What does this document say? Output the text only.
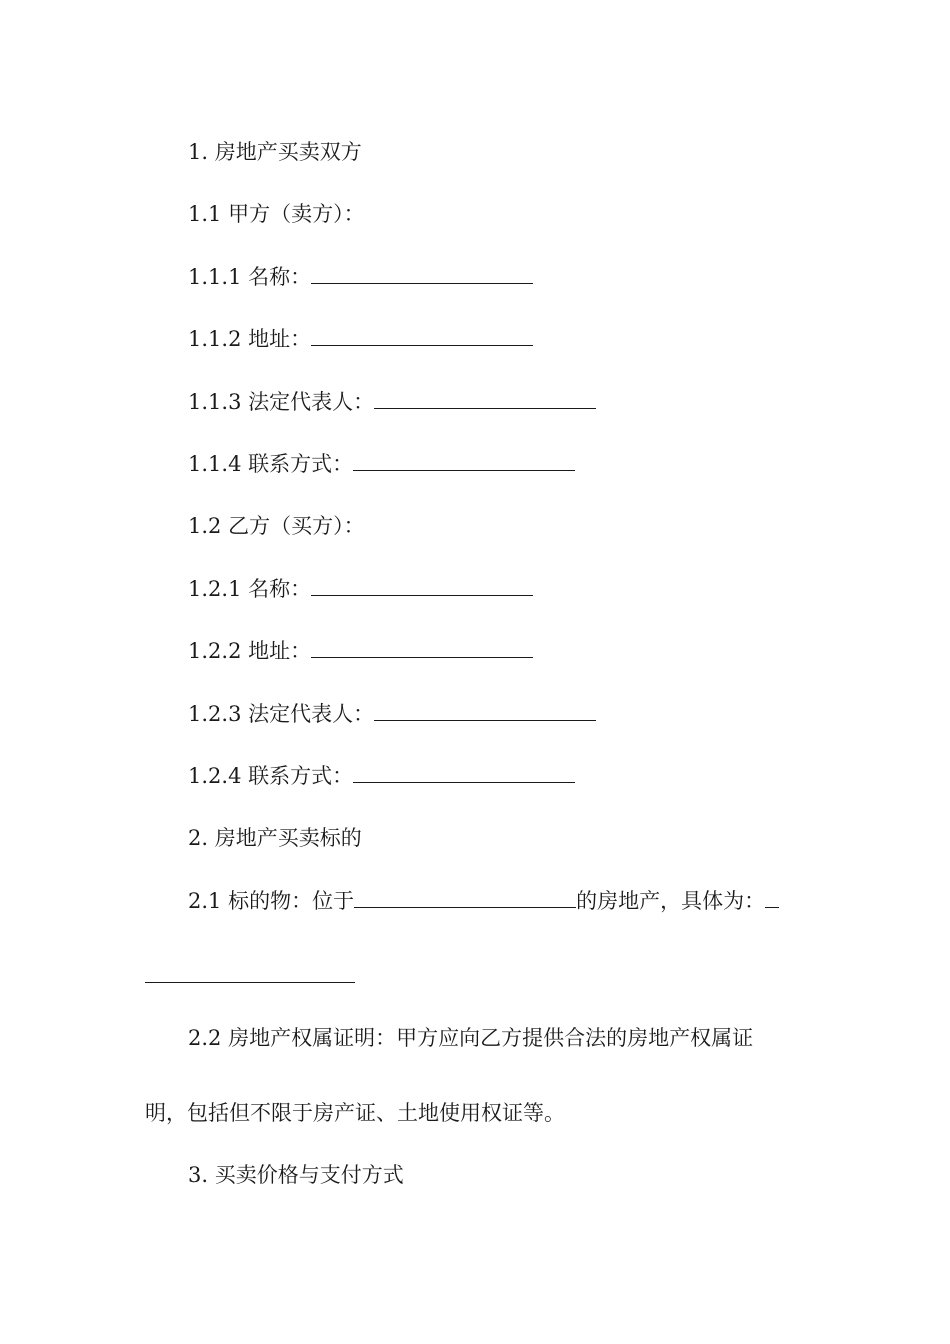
1. 房地产买卖双方
1.1 甲方（卖方）：
1.1.1 名称：
1.1.2 地址：
1.1.3 法定代表人：
1.1.4 联系方式：
1.2 乙方（买方）：
1.2.1 名称：
1.2.2 地址：
1.2.3 法定代表人：
1.2.4 联系方式：
2. 房地产买卖标的
2.1 标的物：位于	的房地产，具体为：
2.2 房地产权属证明：甲方应向乙方提供合法的房地产权属证
明，包括但不限于房产证、土地使用权证等。
3. 买卖价格与支付方式
